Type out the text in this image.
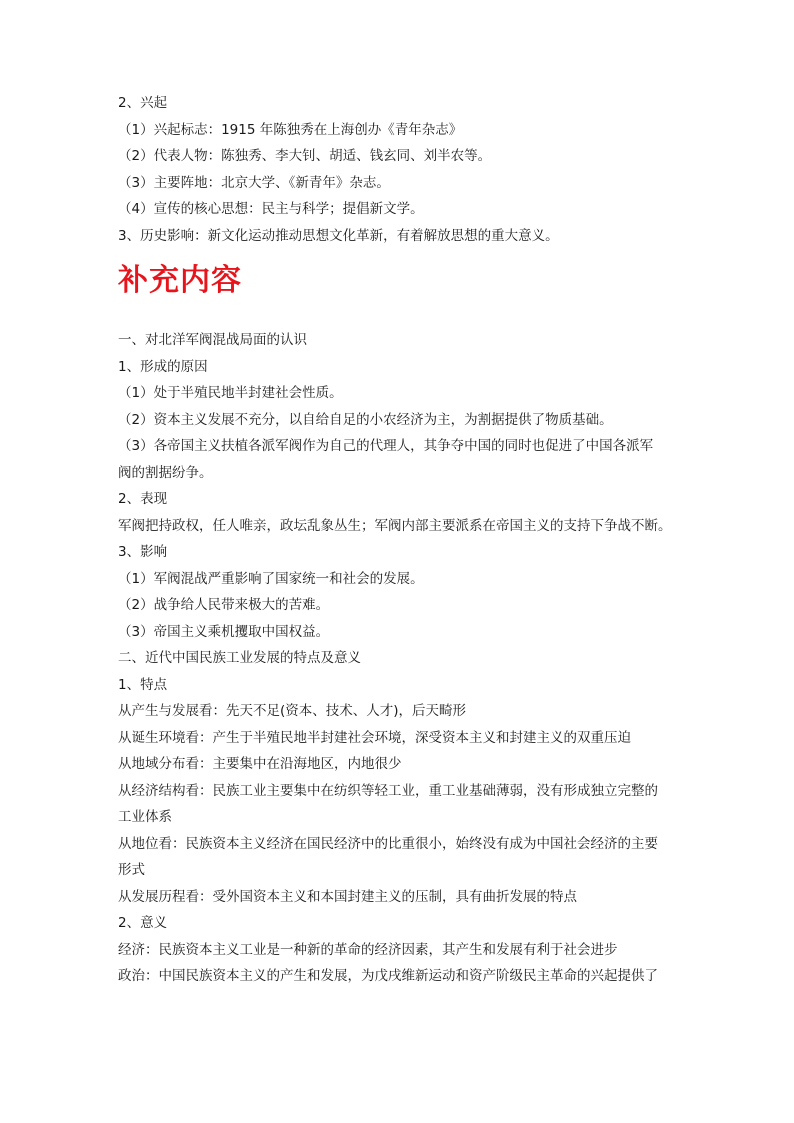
2、兴起
（1）兴起标志：1915 年陈独秀在上海创办《青年杂志》
（2）代表人物：陈独秀、李大钊、胡适、钱玄同、刘半农等。
（3）主要阵地：北京大学、《新青年》杂志。
（4）宣传的核心思想：民主与科学；提倡新文学。
3、历史影响：新文化运动推动思想文化革新，有着解放思想的重大意义。
补充内容
一、对北洋军阀混战局面的认识
1、形成的原因
（1）处于半殖民地半封建社会性质。
（2）资本主义发展不充分，以自给自足的小农经济为主，为割据提供了物质基础。
（3）各帝国主义扶植各派军阀作为自己的代理人，其争夺中国的同时也促进了中国各派军
阀的割据纷争。
2、表现
军阀把持政权，任人唯亲，政坛乱象丛生；军阀内部主要派系在帝国主义的支持下争战不断。
3、影响
（1）军阀混战严重影响了国家统一和社会的发展。
（2）战争给人民带来极大的苦难。
（3）帝国主义乘机攫取中国权益。
二、近代中国民族工业发展的特点及意义
1、特点
从产生与发展看：先天不足(资本、技术、人才)，后天畸形
从诞生环境看：产生于半殖民地半封建社会环境，深受资本主义和封建主义的双重压迫
从地域分布看：主要集中在沿海地区，内地很少
从经济结构看：民族工业主要集中在纺织等轻工业，重工业基础薄弱，没有形成独立完整的
工业体系
从地位看：民族资本主义经济在国民经济中的比重很小，始终没有成为中国社会经济的主要
形式
从发展历程看：受外国资本主义和本国封建主义的压制，具有曲折发展的特点
2、意义
经济：民族资本主义工业是一种新的革命的经济因素，其产生和发展有利于社会进步
政治：中国民族资本主义的产生和发展，为戊戌维新运动和资产阶级民主革命的兴起提供了
